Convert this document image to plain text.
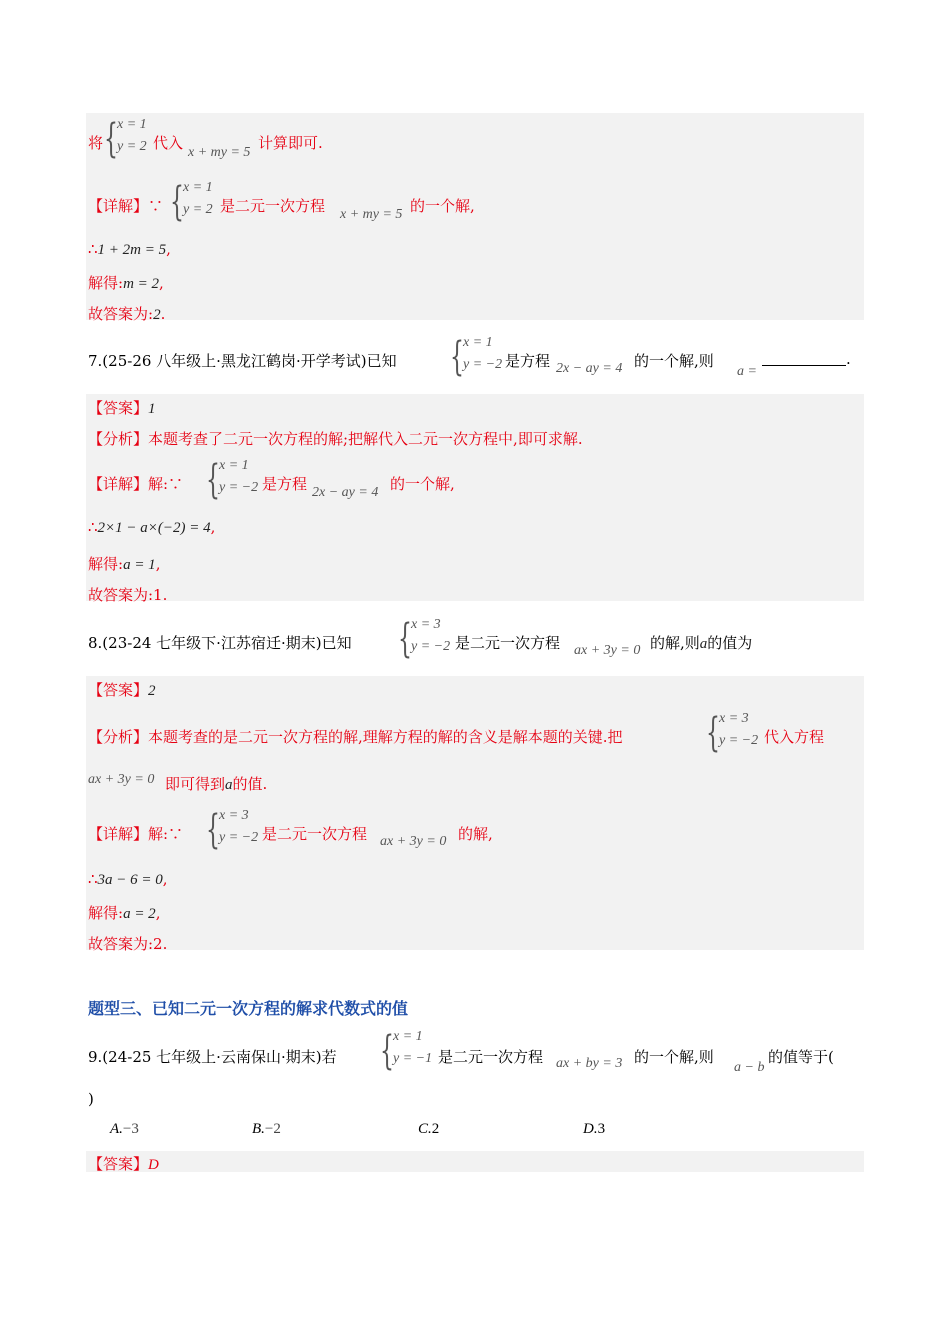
将 { x = 1
y = 2 代入
x + my = 5
计算即可.
【详解】∵ { x = 1
y = 2 是二元一次方程 x + my = 5 的一个解,
∴1 + 2m = 5,
解得:m = 2,
故答案为:2.
7.(25-26 八年级上·黑龙江鹤岗·开学考试)已知 { x = 1
y = −2 是方程 2x − ay = 4 的一个解,则
a =
.
【答案】1
【分析】本题考查了二元一次方程的解;把解代入二元一次方程中,即可求解.
【详解】解:∵ { x = 1
y = −2 是方程 2x − ay = 4 的一个解,
∴2×1 − a×(−2) = 4,
解得:a = 1,
故答案为:1.
8.(23-24 七年级下·江苏宿迁·期末)已知 { x = 3
y = −2 是二元一次方程 ax + 3y = 0 的解,则a的值为
【答案】2
【分析】本题考查的是二元一次方程的解,理解方程的解的含义是解本题的关键.把 { x = 3
y = −2 代入方程
ax + 3y = 0 即可得到a的值.
【详解】解:∵ { x = 3
y = −2 是二元一次方程 ax + 3y = 0 的解,
∴3a − 6 = 0,
解得:a = 2,
故答案为:2.
题型三、已知二元一次方程的解求代数式的值
9.(24-25 七年级上·云南保山·期末)若 { x = 1
y = −1 是二元一次方程 ax + by = 3 的一个解,则
a − b
的值等于(
)
A.−3	B.−2	C.2	D.3
【答案】D
